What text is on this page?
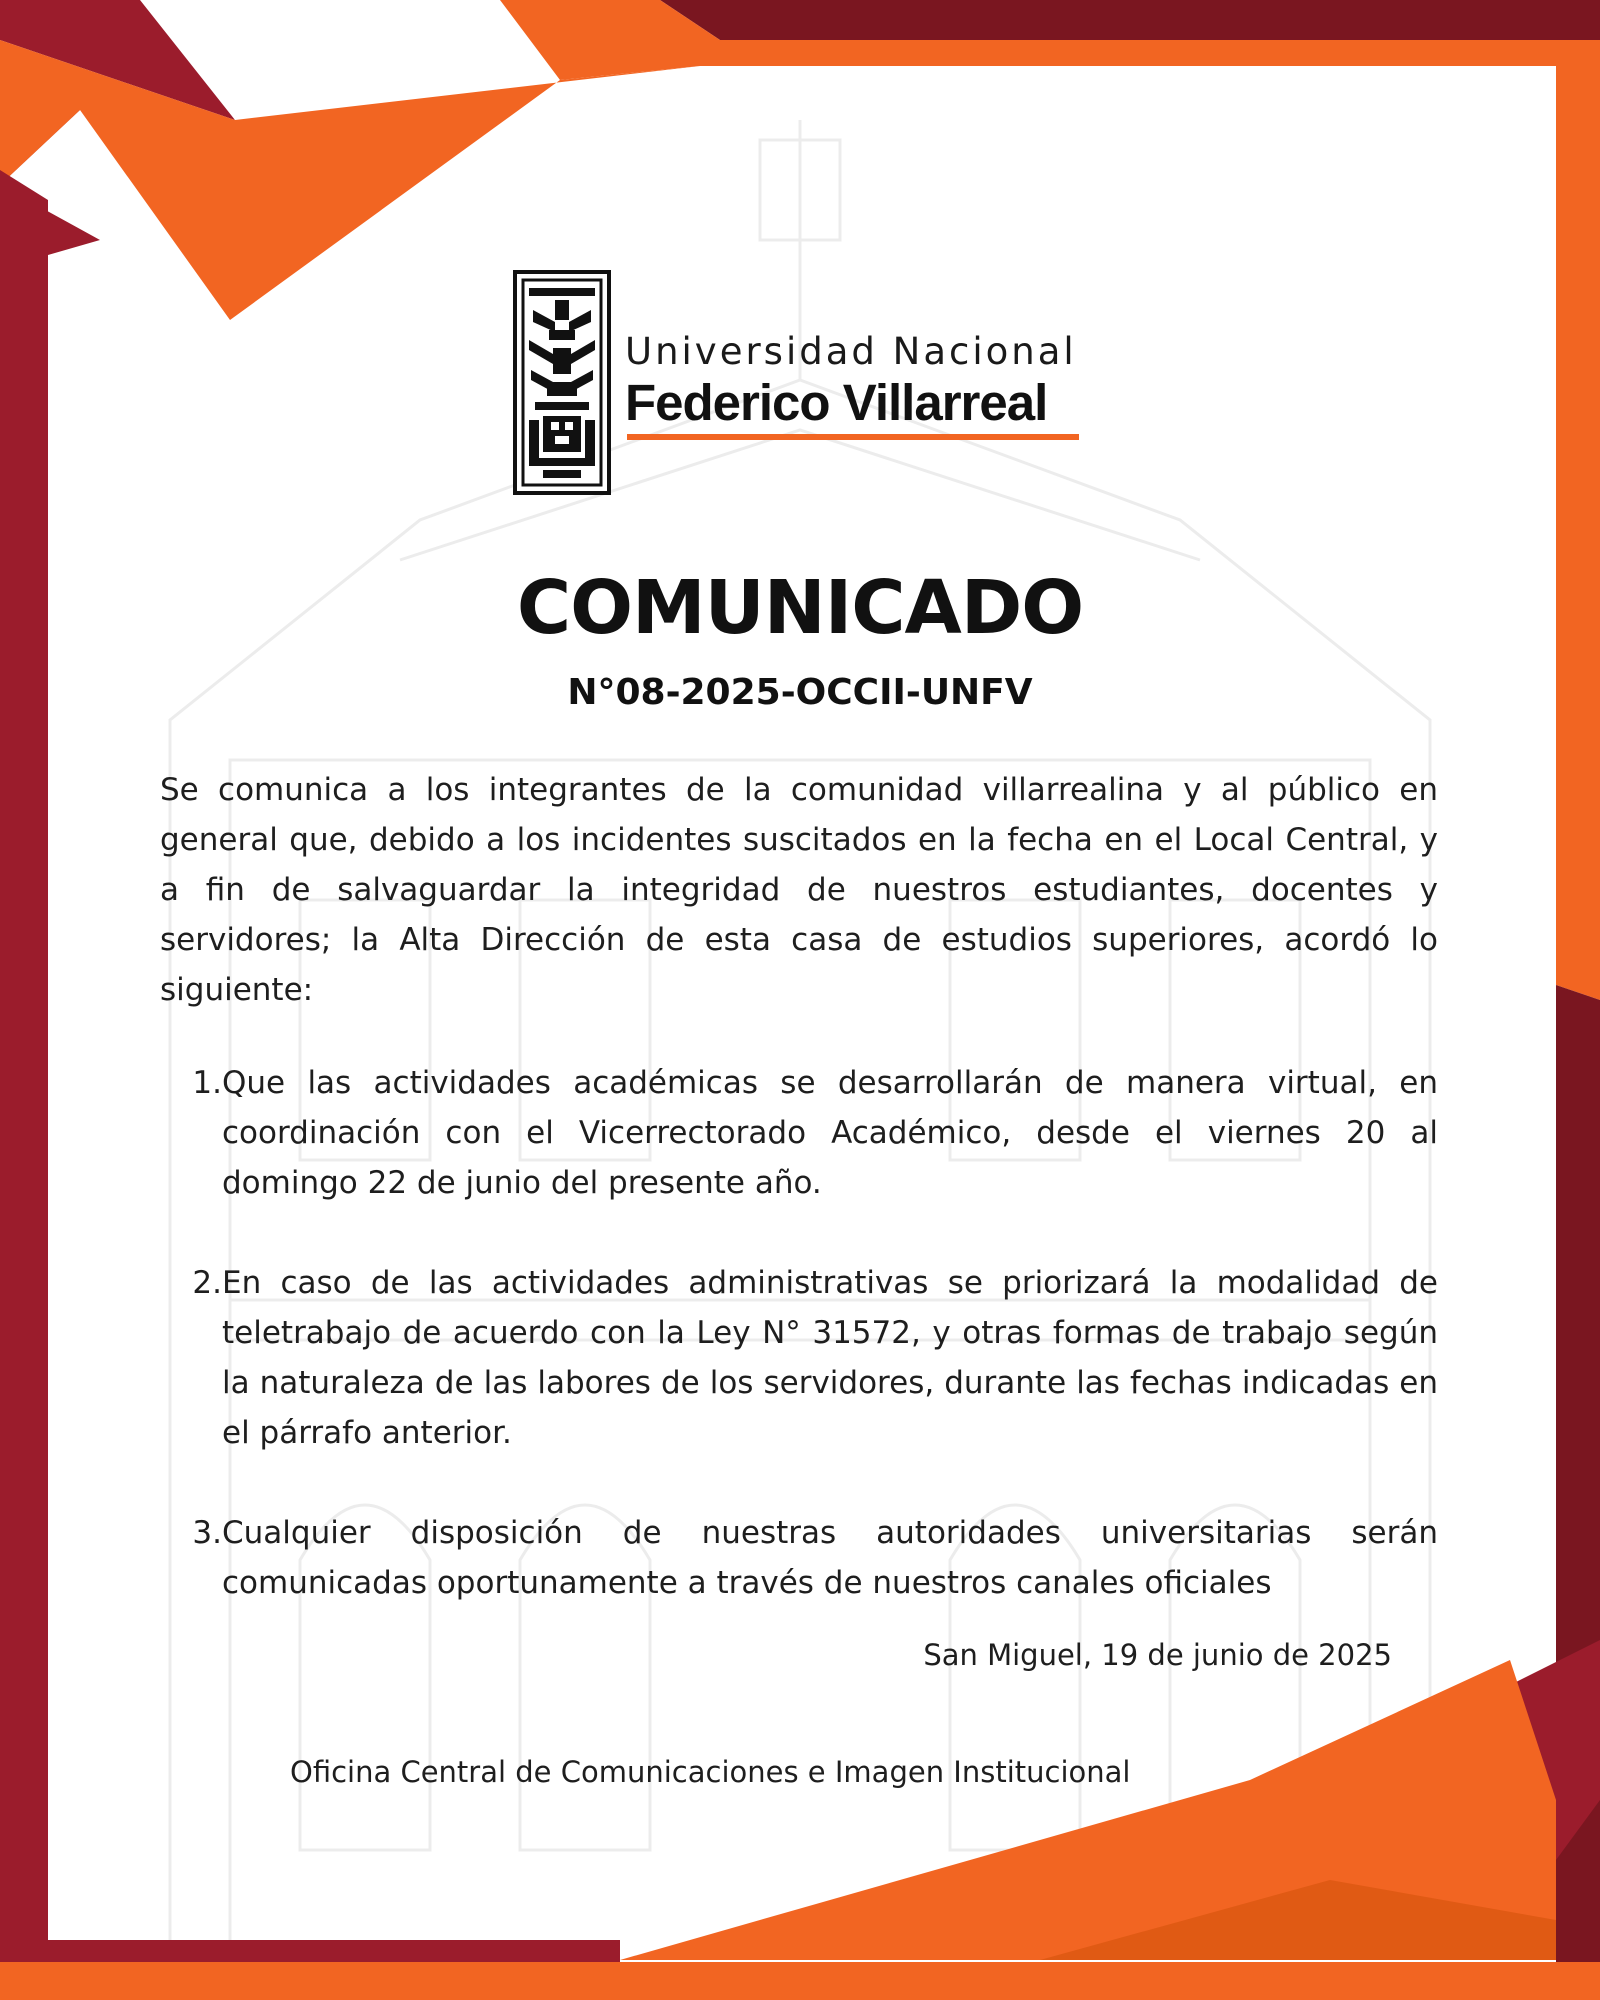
Universidad Nacional
Federico Villarreal
COMUNICADO
N°08-2025-OCCII-UNFV

Se comunica a los integrantes de la comunidad villarrealina y al público en general que, debido a los incidentes suscitados en la fecha en el Local Central, y a fin de salvaguardar la integridad de nuestros estudiantes, docentes y servidores; la Alta Dirección de esta casa de estudios superiores, acordó lo siguiente:

1. Que las actividades académicas se desarrollarán de manera virtual, en coordinación con el Vicerrectorado Académico, desde el viernes 20 al domingo 22 de junio del presente año.
2. En caso de las actividades administrativas se priorizará la modalidad de teletrabajo de acuerdo con la Ley N° 31572, y otras formas de trabajo según la naturaleza de las labores de los servidores, durante las fechas indicadas en el párrafo anterior.
3. Cualquier disposición de nuestras autoridades universitarias serán comunicadas oportunamente a través de nuestros canales oficiales
San Miguel, 19 de junio de 2025
Oficina Central de Comunicaciones e Imagen Institucional
